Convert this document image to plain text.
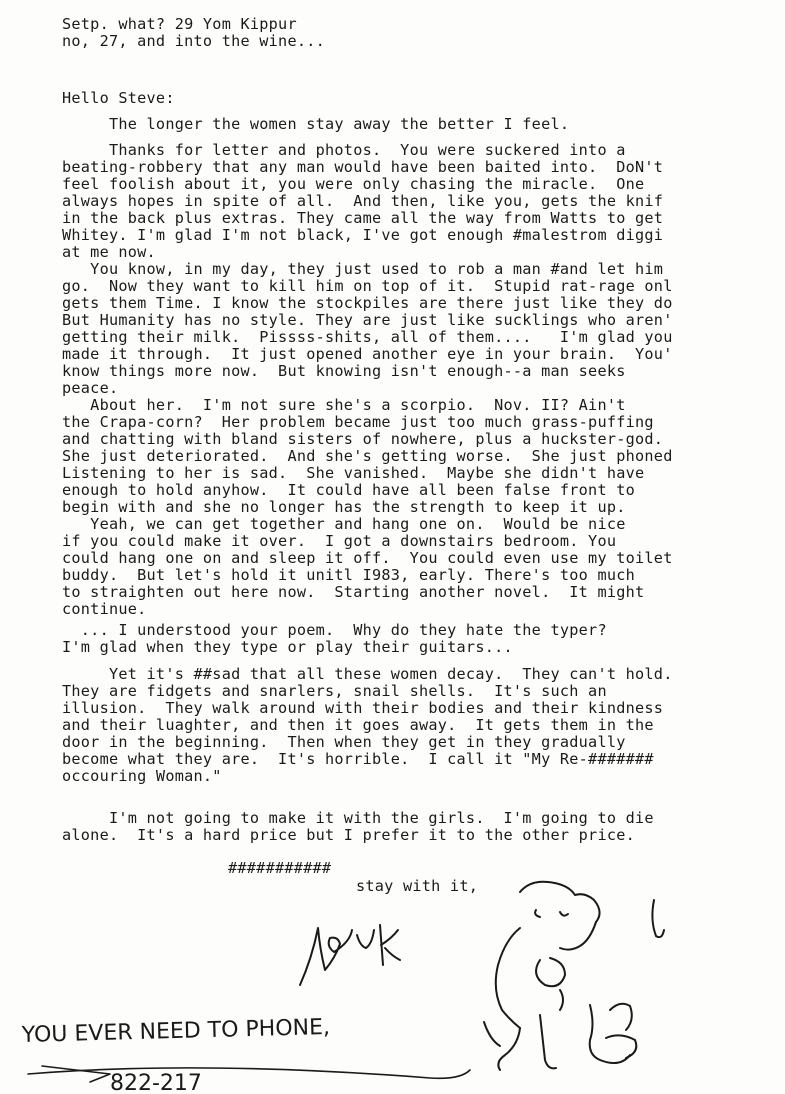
Setp. what? 29 Yom Kippur
no, 27, and into the wine...
Hello Steve:
The longer the women stay away the better I feel.
Thanks for letter and photos.  You were suckered into a
beating-robbery that any man would have been baited into.  DoN't
feel foolish about it, you were only chasing the miracle.  One
always hopes in spite of all.  And then, like you, gets the knif
in the back plus extras. They came all the way from Watts to get
Whitey. I'm glad I'm not black, I've got enough #malestrom diggi
at me now.
You know, in my day, they just used to rob a man #and let him
go.  Now they want to kill him on top of it.  Stupid rat-rage onl
gets them Time. I know the stockpiles are there just like they do
But Humanity has no style. They are just like sucklings who aren'
getting their milk.  Pissss-shits, all of them....   I'm glad you
made it through.  It just opened another eye in your brain.  You'
know things more now.  But knowing isn't enough--a man seeks
peace.
About her.  I'm not sure she's a scorpio.  Nov. II? Ain't
the Crapa-corn?  Her problem became just too much grass-puffing
and chatting with bland sisters of nowhere, plus a huckster-god.
She just deteriorated.  And she's getting worse.  She just phoned
Listening to her is sad.  She vanished.  Maybe she didn't have
enough to hold anyhow.  It could have all been false front to
begin with and she no longer has the strength to keep it up.
Yeah, we can get together and hang one on.  Would be nice
if you could make it over.  I got a downstairs bedroom. You
could hang one on and sleep it off.  You could even use my toilet
buddy.  But let's hold it unitl I983, early. There's too much
to straighten out here now.  Starting another novel.  It might
continue.
... I understood your poem.  Why do they hate the typer?
I'm glad when they type or play their guitars...
Yet it's ##sad that all these women decay.  They can't hold.
They are fidgets and snarlers, snail shells.  It's such an
illusion.  They walk around with their bodies and their kindness
and their luaghter, and then it goes away.  It gets them in the
door in the beginning.  Then when they get in they gradually
become what they are.  It's horrible.  I call it "My Re-#######
occouring Woman."
I'm not going to make it with the girls.  I'm going to die
alone.  It's a hard price but I prefer it to the other price.
###########
stay with it,
YOU EVER NEED TO PHONE,
822-217
